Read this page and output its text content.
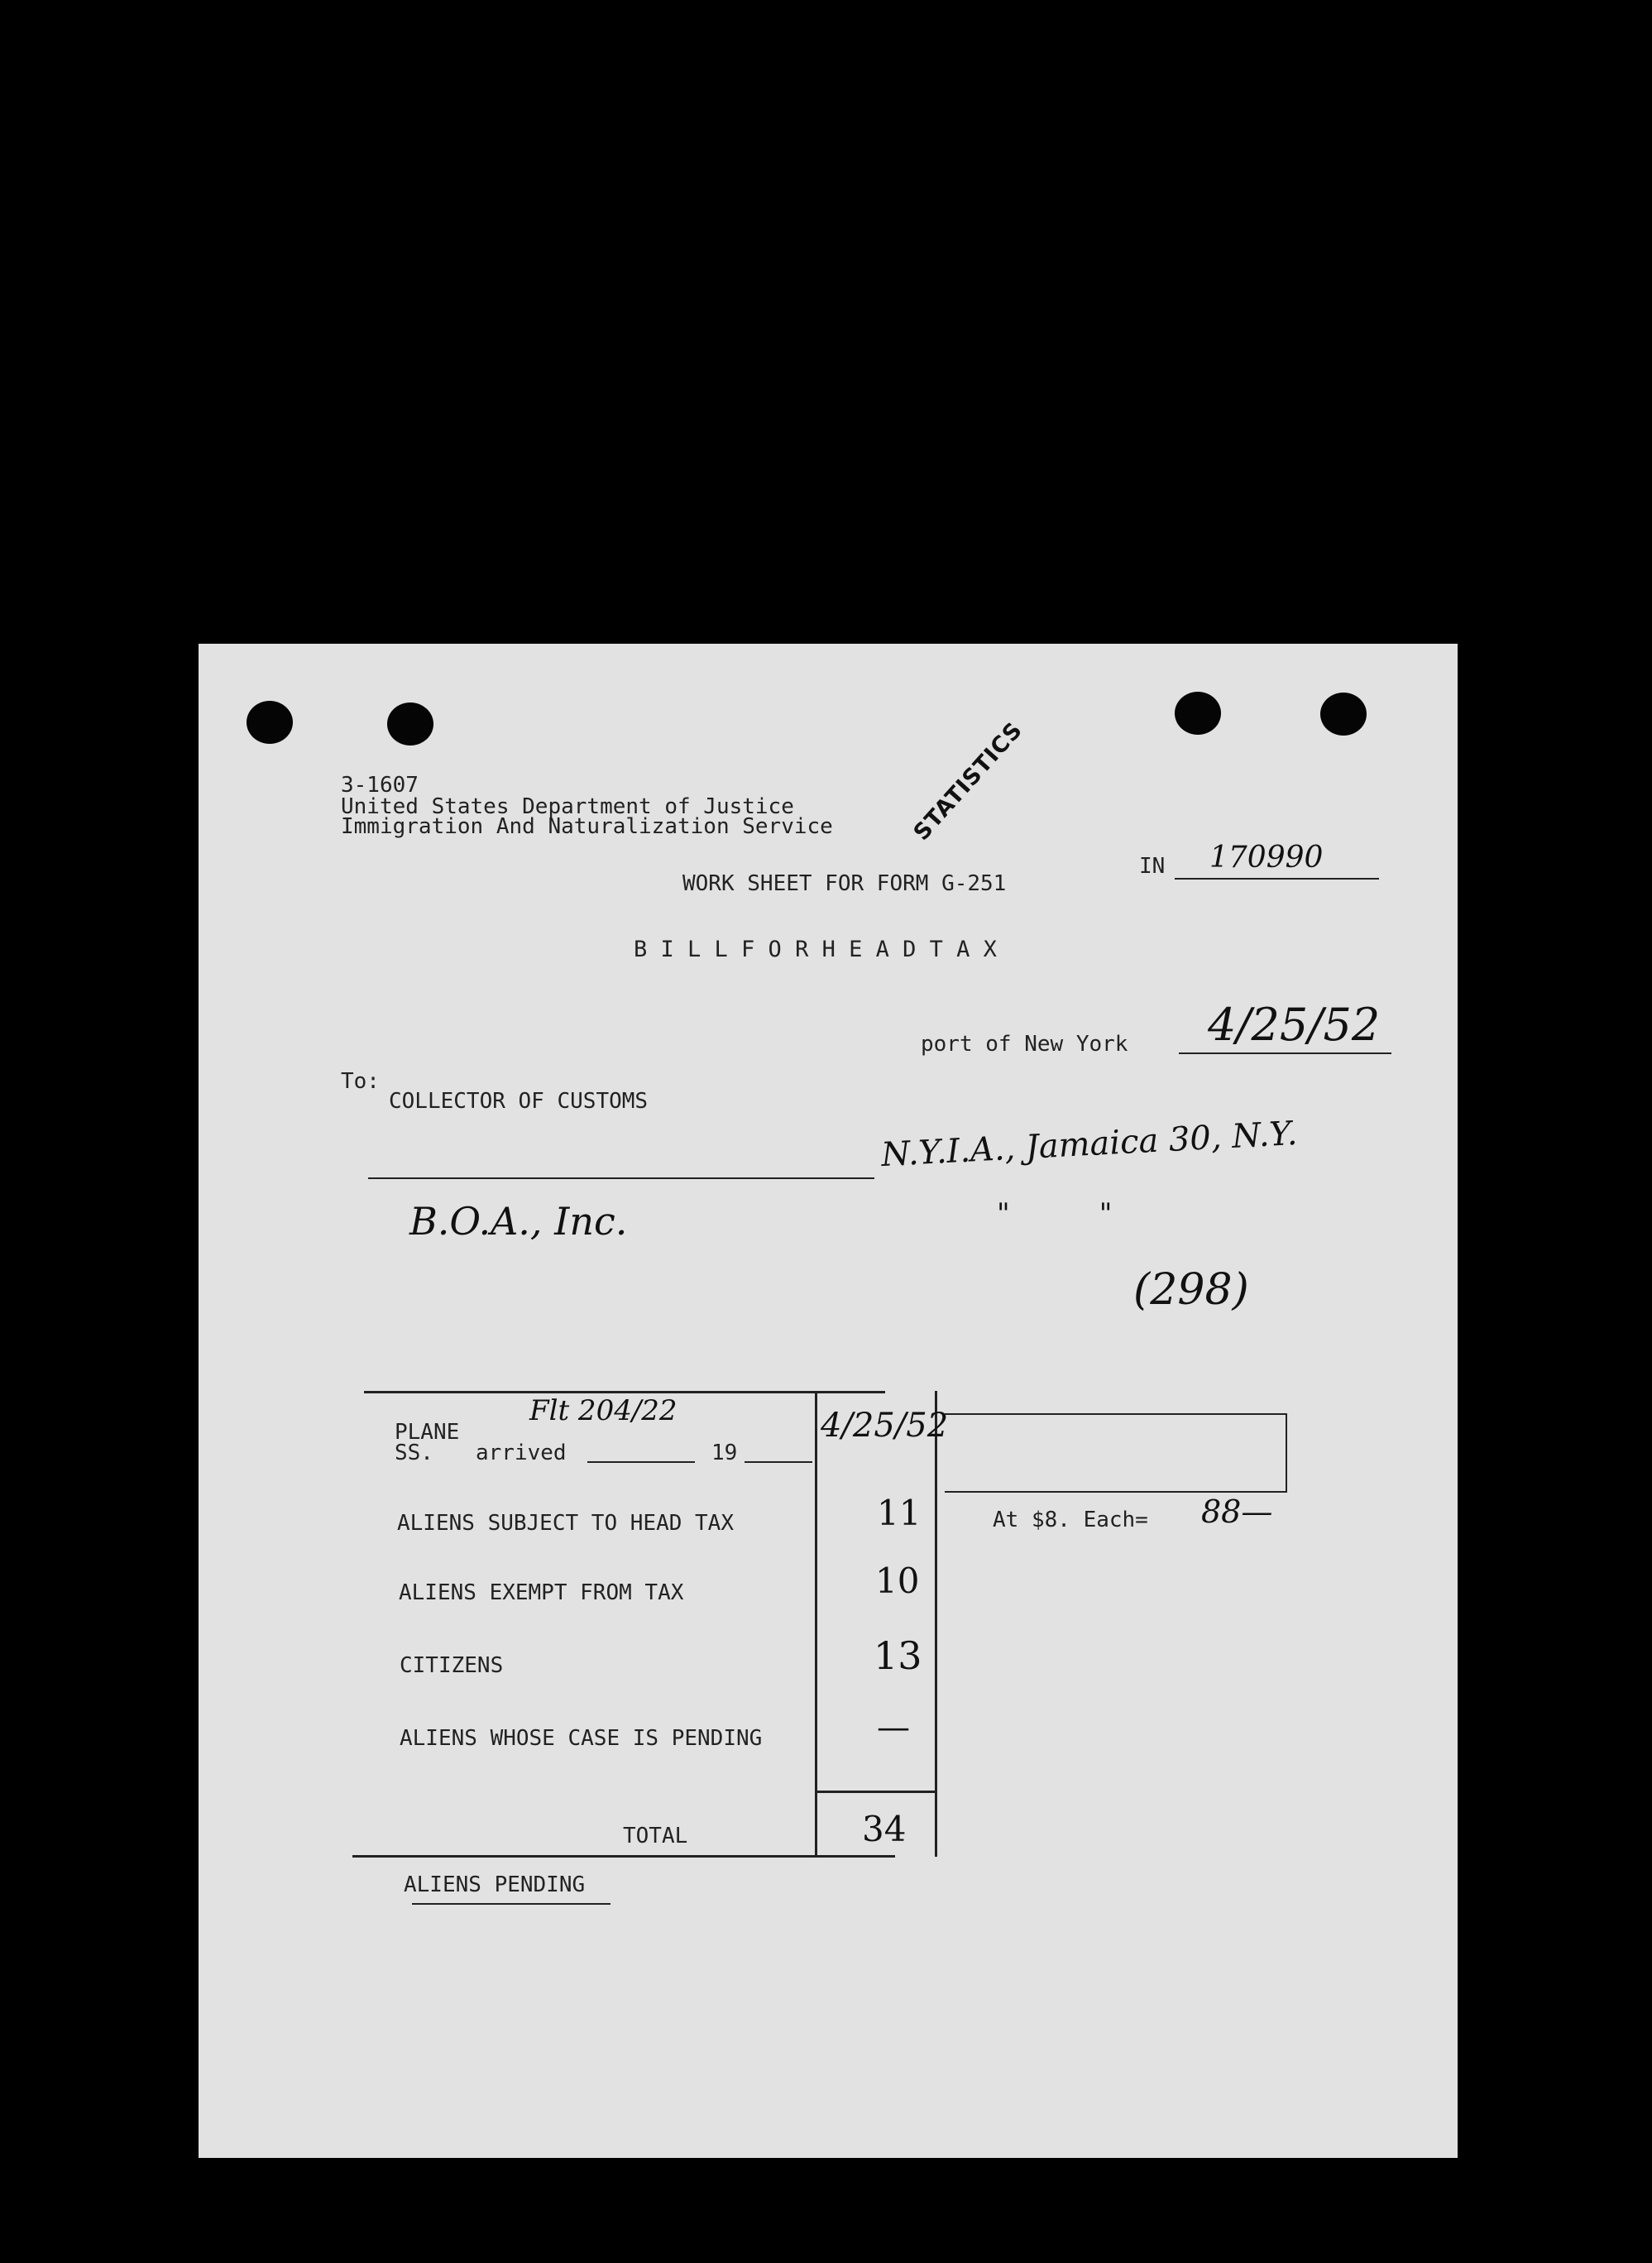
3-1607
United States Department of Justice
Immigration And Naturalization Service	STATISTICS
WORK SHEET FOR FORM G-251
IN 170990
B I L L F O R H E A D T A X
port of New York 4/25/52
To:
COLLECTOR OF CUSTOMS
N.Y.I.A., Jamaica 30, N.Y.
B.O.A., Inc.	"          "
(298)
PLANE
SS. arrived	19
Flt 204/22	4/25/52
ALIENS SUBJECT TO HEAD TAX	11
ALIENS EXEMPT FROM TAX	10
CITIZENS	13
ALIENS WHOSE CASE IS PENDING	—
TOTAL	34
At $8. Each= 88—
ALIENS PENDING
